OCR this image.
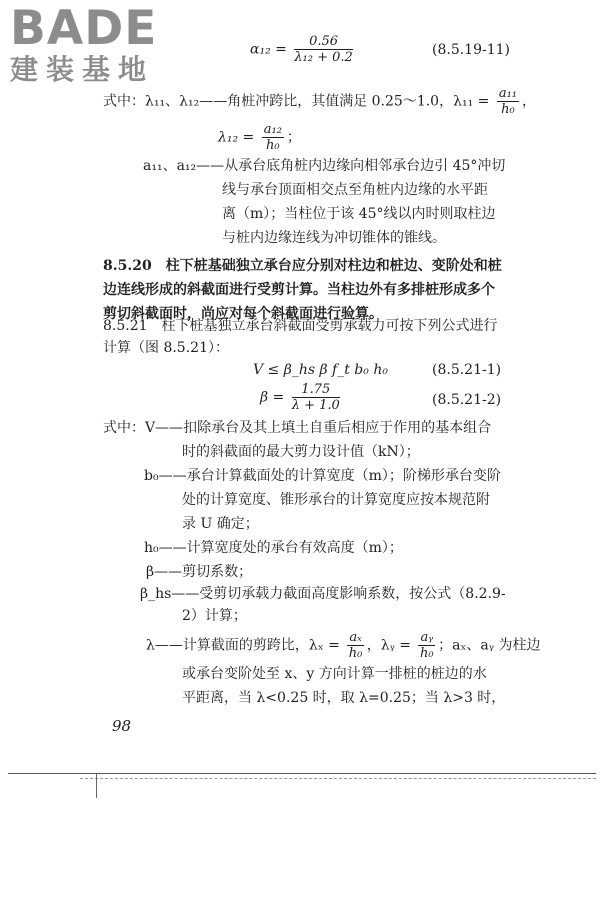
BADE
建装基地
$\alpha_{12} = \frac{0.56}{\text{λ₁₂ + 0.2}}$	(8.5.19-11)
式中：λ₁₁、λ₁₂——角桩冲跨比，其值满足 0.25～1.0，$\lambda_{11} = \frac{\text{a₁₁}}{\text{h₀}}$ ，
$\lambda_{12} = \frac{\text{a₁₂}}{\text{h₀}}$ ；
a₁₁、a₁₂——从承台底角桩内边缘向相邻承台边引 45°冲切
线与承台顶面相交点至角桩内边缘的水平距
离（m）；当柱位于该 45°线以内时则取柱边
与桩内边缘连线为冲切锥体的锥线。
8.5.20　柱下桩基础独立承台应分别对柱边和桩边、变阶处和桩
边连线形成的斜截面进行受剪计算。当柱边外有多排桩形成多个
剪切斜截面时，尚应对每个斜截面进行验算。
8.5.21　柱下桩基独立承台斜截面受剪承载力可按下列公式进行
计算（图 8.5.21）：
V ≤ β_hs β f_t b₀ h₀	(8.5.21-1)
$\beta = \frac{1.75}{\lambda + 1.0}$	(8.5.21-2)
式中：V——扣除承台及其上填土自重后相应于作用的基本组合
时的斜截面的最大剪力设计值（kN）；
b₀——承台计算截面处的计算宽度（m）；阶梯形承台变阶
处的计算宽度、锥形承台的计算宽度应按本规范附
录 U 确定；
h₀——计算宽度处的承台有效高度（m）；
β——剪切系数；
β_hs——受剪切承载力截面高度影响系数，按公式（8.2.9-
2）计算；
λ——计算截面的剪跨比，$\lambda_x = \frac{\text{aₓ}}{\text{h₀}}$ ，λᵧ = $\frac{\text{aᵧ}}{\text{h₀}}$ ；aₓ、aᵧ 为柱边
或承台变阶处至 x、y 方向计算一排桩的桩边的水
平距离，当 λ<0.25 时，取 λ=0.25；当 λ>3 时，
98
